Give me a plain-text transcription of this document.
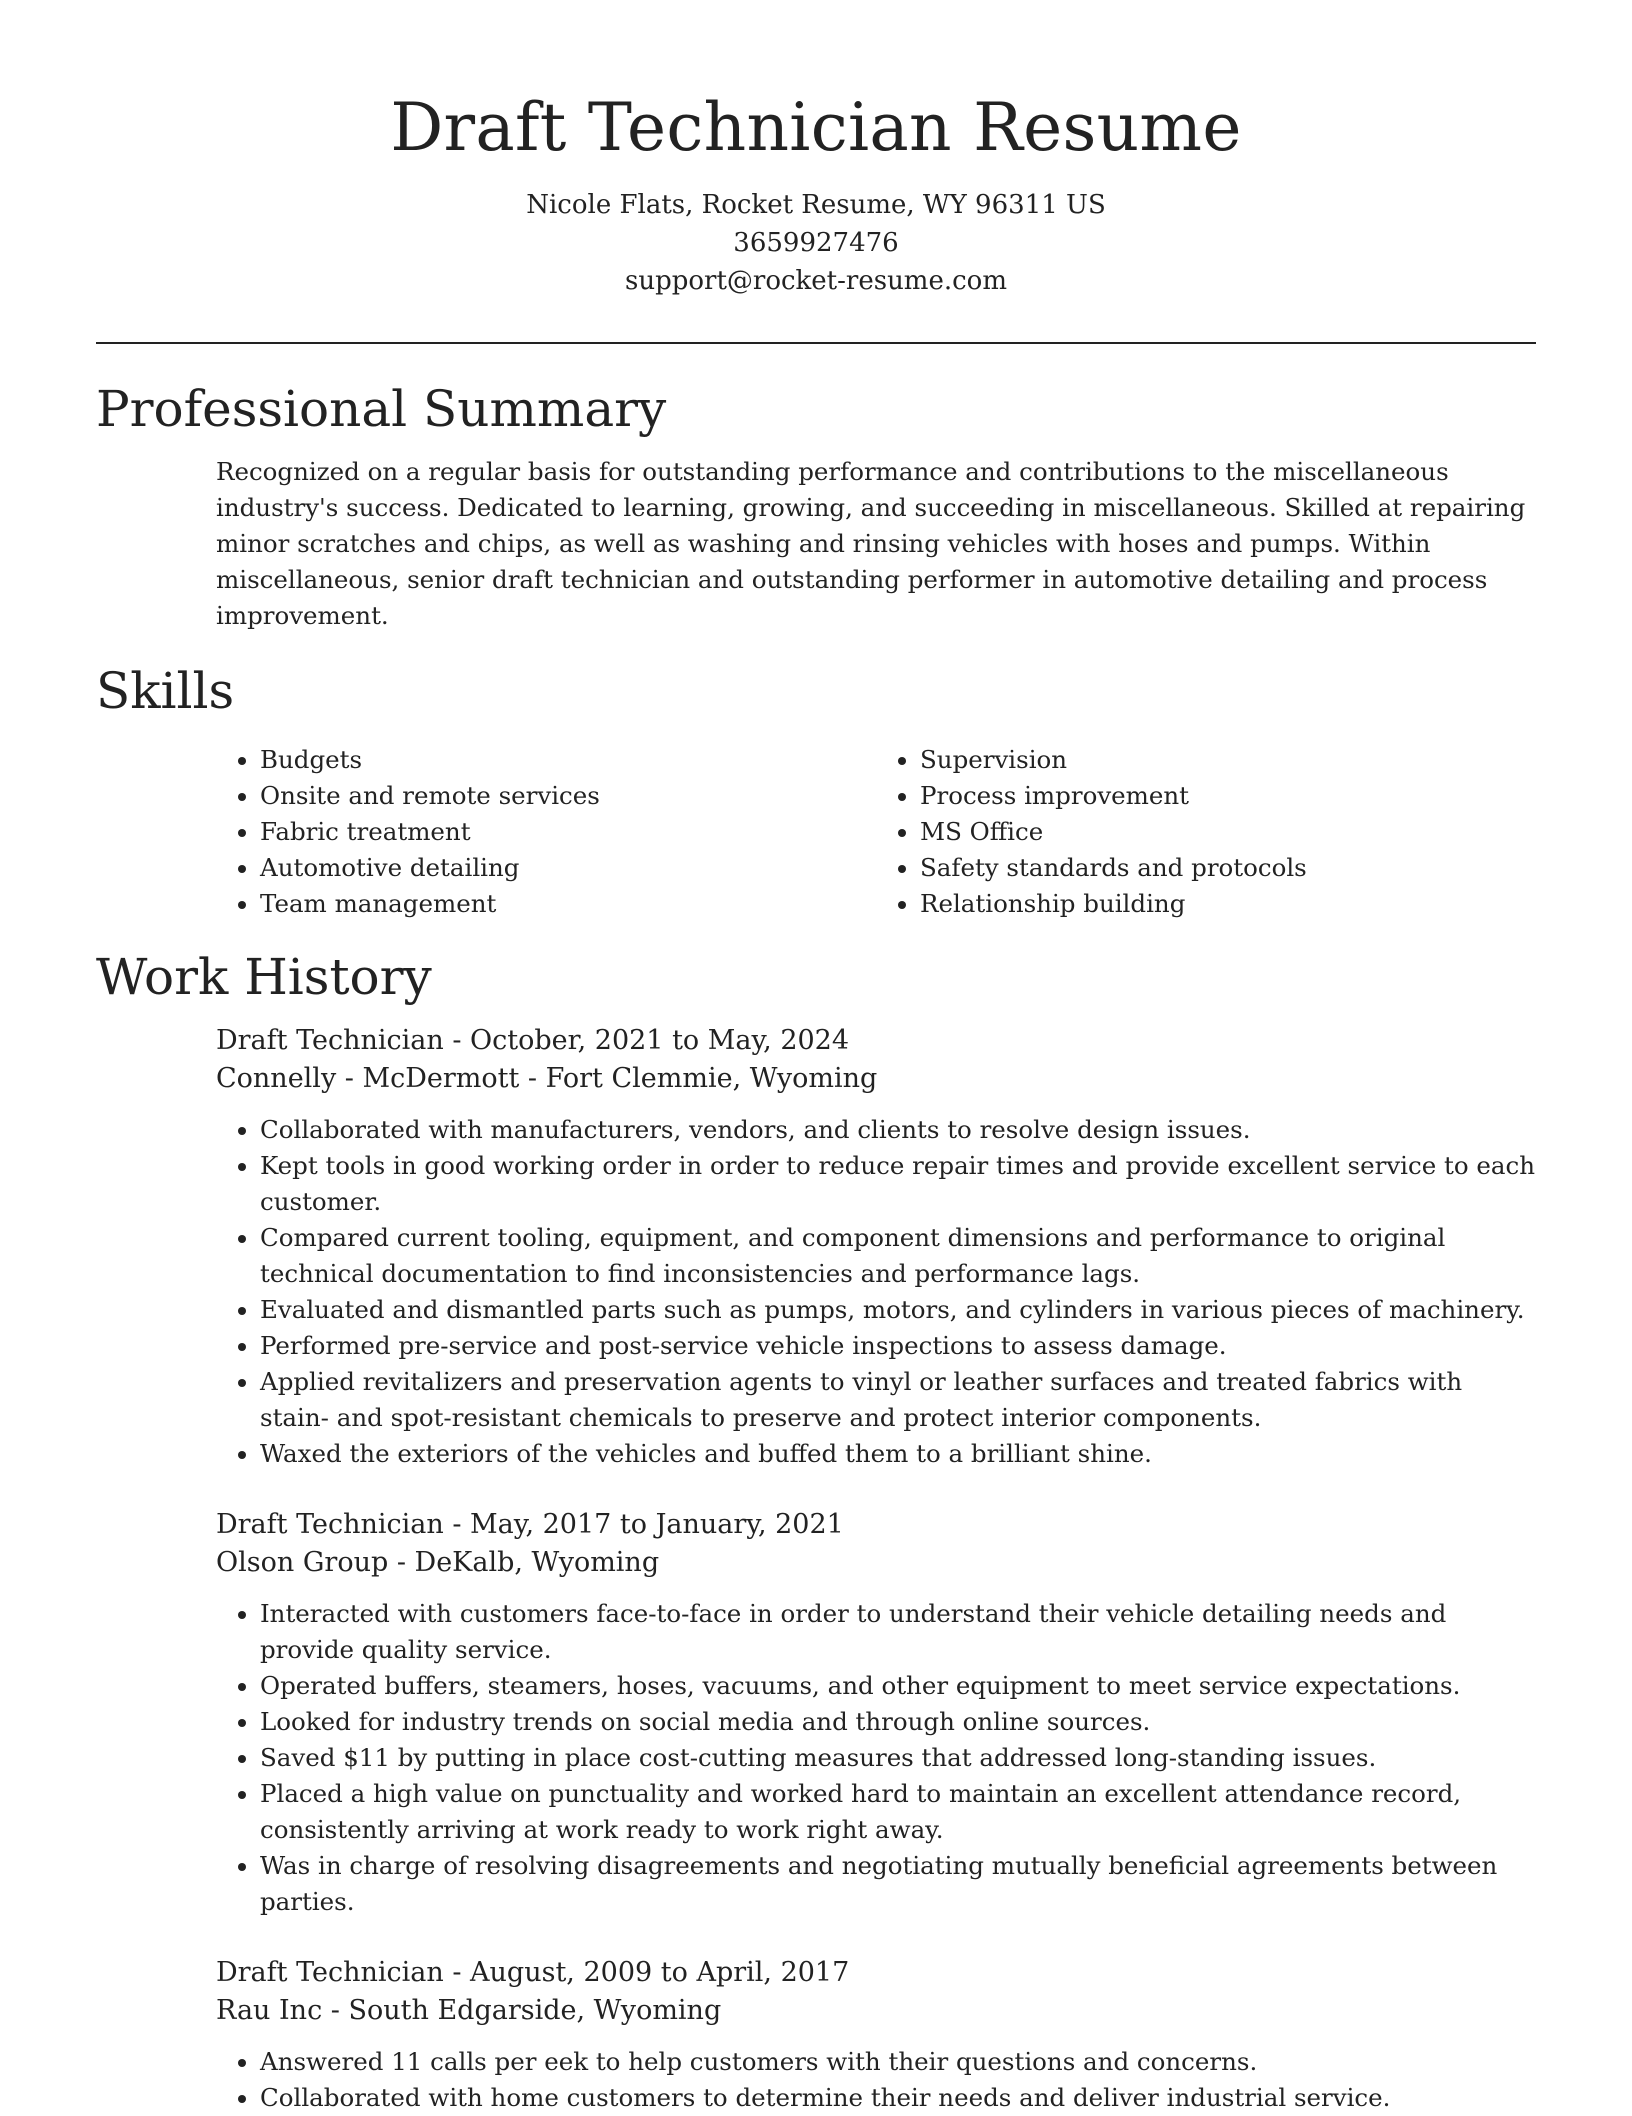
Draft Technician Resume
Nicole Flats, Rocket Resume, WY 96311 US
3659927476
support@rocket-resume.com
Professional Summary
Recognized on a regular basis for outstanding performance and contributions to the miscellaneous industry's success. Dedicated to learning, growing, and succeeding in miscellaneous. Skilled at repairing minor scratches and chips, as well as washing and rinsing vehicles with hoses and pumps. Within miscellaneous, senior draft technician and outstanding performer in automotive detailing and process improvement.
Skills
• Budgets
• Onsite and remote services
• Fabric treatment
• Automotive detailing
• Team management
• Supervision
• Process improvement
• MS Office
• Safety standards and protocols
• Relationship building
Work History
Draft Technician - October, 2021 to May, 2024
Connelly - McDermott - Fort Clemmie, Wyoming
• Collaborated with manufacturers, vendors, and clients to resolve design issues.
• Kept tools in good working order in order to reduce repair times and provide excellent service to each customer.
• Compared current tooling, equipment, and component dimensions and performance to original technical documentation to find inconsistencies and performance lags.
• Evaluated and dismantled parts such as pumps, motors, and cylinders in various pieces of machinery.
• Performed pre-service and post-service vehicle inspections to assess damage.
• Applied revitalizers and preservation agents to vinyl or leather surfaces and treated fabrics with stain- and spot-resistant chemicals to preserve and protect interior components.
• Waxed the exteriors of the vehicles and buffed them to a brilliant shine.
Draft Technician - May, 2017 to January, 2021
Olson Group - DeKalb, Wyoming
• Interacted with customers face-to-face in order to understand their vehicle detailing needs and provide quality service.
• Operated buffers, steamers, hoses, vacuums, and other equipment to meet service expectations.
• Looked for industry trends on social media and through online sources.
• Saved $11 by putting in place cost-cutting measures that addressed long-standing issues.
• Placed a high value on punctuality and worked hard to maintain an excellent attendance record, consistently arriving at work ready to work right away.
• Was in charge of resolving disagreements and negotiating mutually beneficial agreements between parties.
Draft Technician - August, 2009 to April, 2017
Rau Inc - South Edgarside, Wyoming
• Answered 11 calls per eek to help customers with their questions and concerns.
• Collaborated with home customers to determine their needs and deliver industrial service.
